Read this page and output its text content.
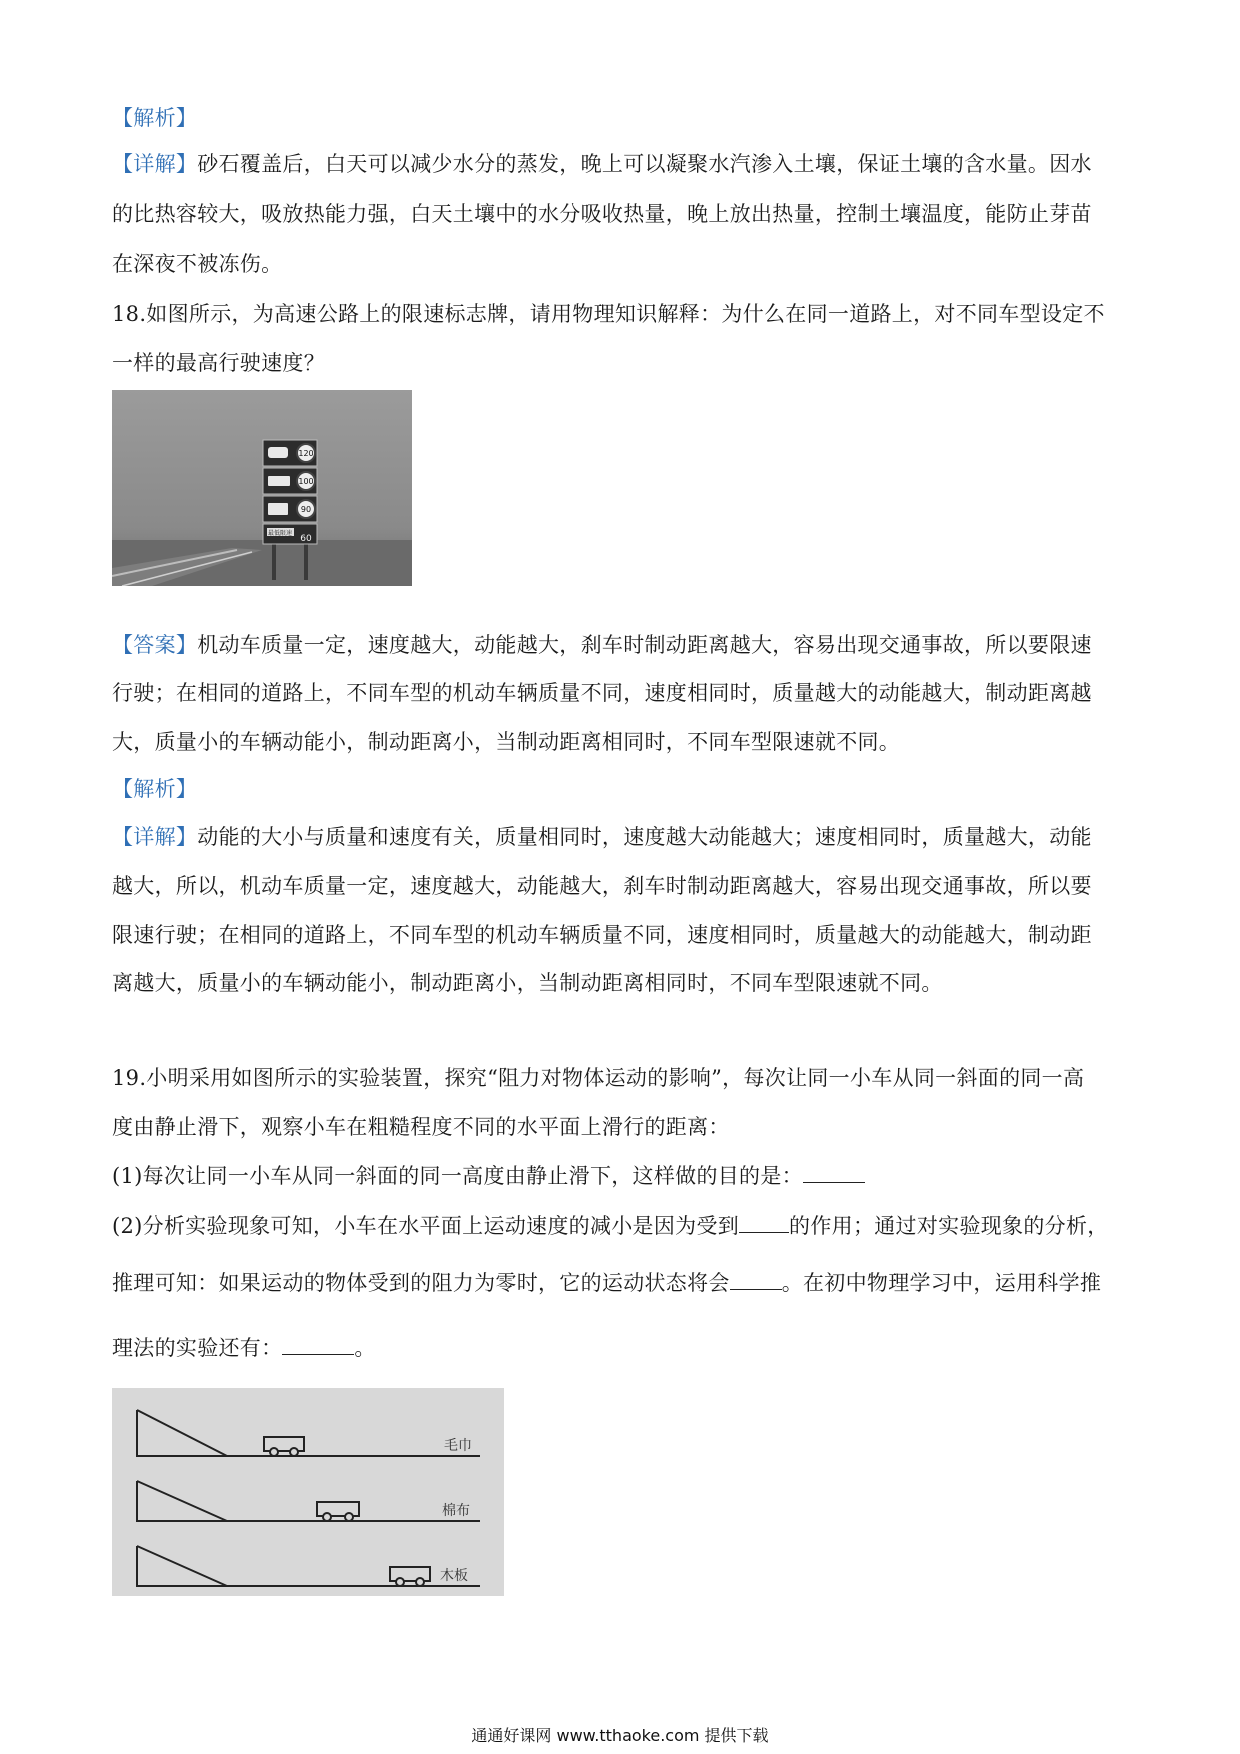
【解析】
【详解】砂石覆盖后，白天可以减少水分的蒸发，晚上可以凝聚水汽渗入土壤，保证土壤的含水量。因水
的比热容较大，吸放热能力强，白天土壤中的水分吸收热量，晚上放出热量，控制土壤温度，能防止芽苗
在深夜不被冻伤。
18.如图所示，为高速公路上的限速标志牌，请用物理知识解释：为什么在同一道路上，对不同车型设定不
一样的最高行驶速度？
120
100
90
最低限速
60
【答案】机动车质量一定，速度越大，动能越大，刹车时制动距离越大，容易出现交通事故，所以要限速
行驶；在相同的道路上，不同车型的机动车辆质量不同，速度相同时，质量越大的动能越大，制动距离越
大，质量小的车辆动能小，制动距离小，当制动距离相同时，不同车型限速就不同。
【解析】
【详解】动能的大小与质量和速度有关，质量相同时，速度越大动能越大；速度相同时，质量越大，动能
越大，所以，机动车质量一定，速度越大，动能越大，刹车时制动距离越大，容易出现交通事故，所以要
限速行驶；在相同的道路上，不同车型的机动车辆质量不同，速度相同时，质量越大的动能越大，制动距
离越大，质量小的车辆动能小，制动距离小，当制动距离相同时，不同车型限速就不同。
19.小明采用如图所示的实验装置，探究“阻力对物体运动的影响”，每次让同一小车从同一斜面的同一高
度由静止滑下，观察小车在粗糙程度不同的水平面上滑行的距离：
(1)每次让同一小车从同一斜面的同一高度由静止滑下，这样做的目的是：
(2)分析实验现象可知，小车在水平面上运动速度的减小是因为受到 的作用；通过对实验现象的分析，
推理可知：如果运动的物体受到的阻力为零时，它的运动状态将会 。在初中物理学习中，运用科学推
理法的实验还有：	。
毛巾
棉布
木板
通通好课网 www.tthaoke.com 提供下载
